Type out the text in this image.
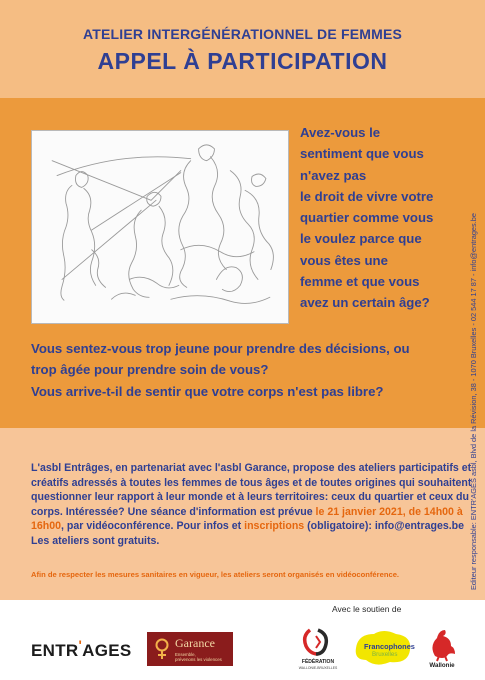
ATELIER INTERGÉNÉRATIONNEL DE FEMMES
APPEL À PARTICIPATION
Avez-vous le
sentiment que vous
n'avez pas
le droit de vivre votre
quartier comme vous
le voulez parce que
vous êtes une
femme et que vous
avez un certain âge?
Vous sentez-vous trop jeune pour prendre des décisions, ou
trop âgée pour prendre soin de vous?
Vous arrive-t-il de sentir que votre corps n'est pas libre?
L'asbl Entrâges, en partenariat avec l'asbl Garance, propose des ateliers participatifs et
créatifs adressés à toutes les femmes de tous âges et de toutes origines qui souhaitent
questionner leur rapport à leur monde et à leurs territoires: ceux du quartier et ceux du
corps. Intéressée? Une séance d'information est prévue le 21 janvier 2021, de 14h00 à
16h00, par vidéoconférence. Pour infos et inscriptions (obligatoire): info@entrages.be
Les ateliers sont gratuits.
Afin de respecter les mesures sanitaires en vigueur, les ateliers seront organisés en vidéoconférence.	Editeur responsable: ENTR'AGES asbl, Blvd de la Révision, 38 - 1070 Bruxelles - 02 544 17 87 - info@entrages.be
Avec le soutien de
ENTR'AGES	Garance
Ensemble,
prévenons les violences	FÉDÉRATION
WALLONIE-BRUXELLES
Francophones
Bruxelles
Wallonie
